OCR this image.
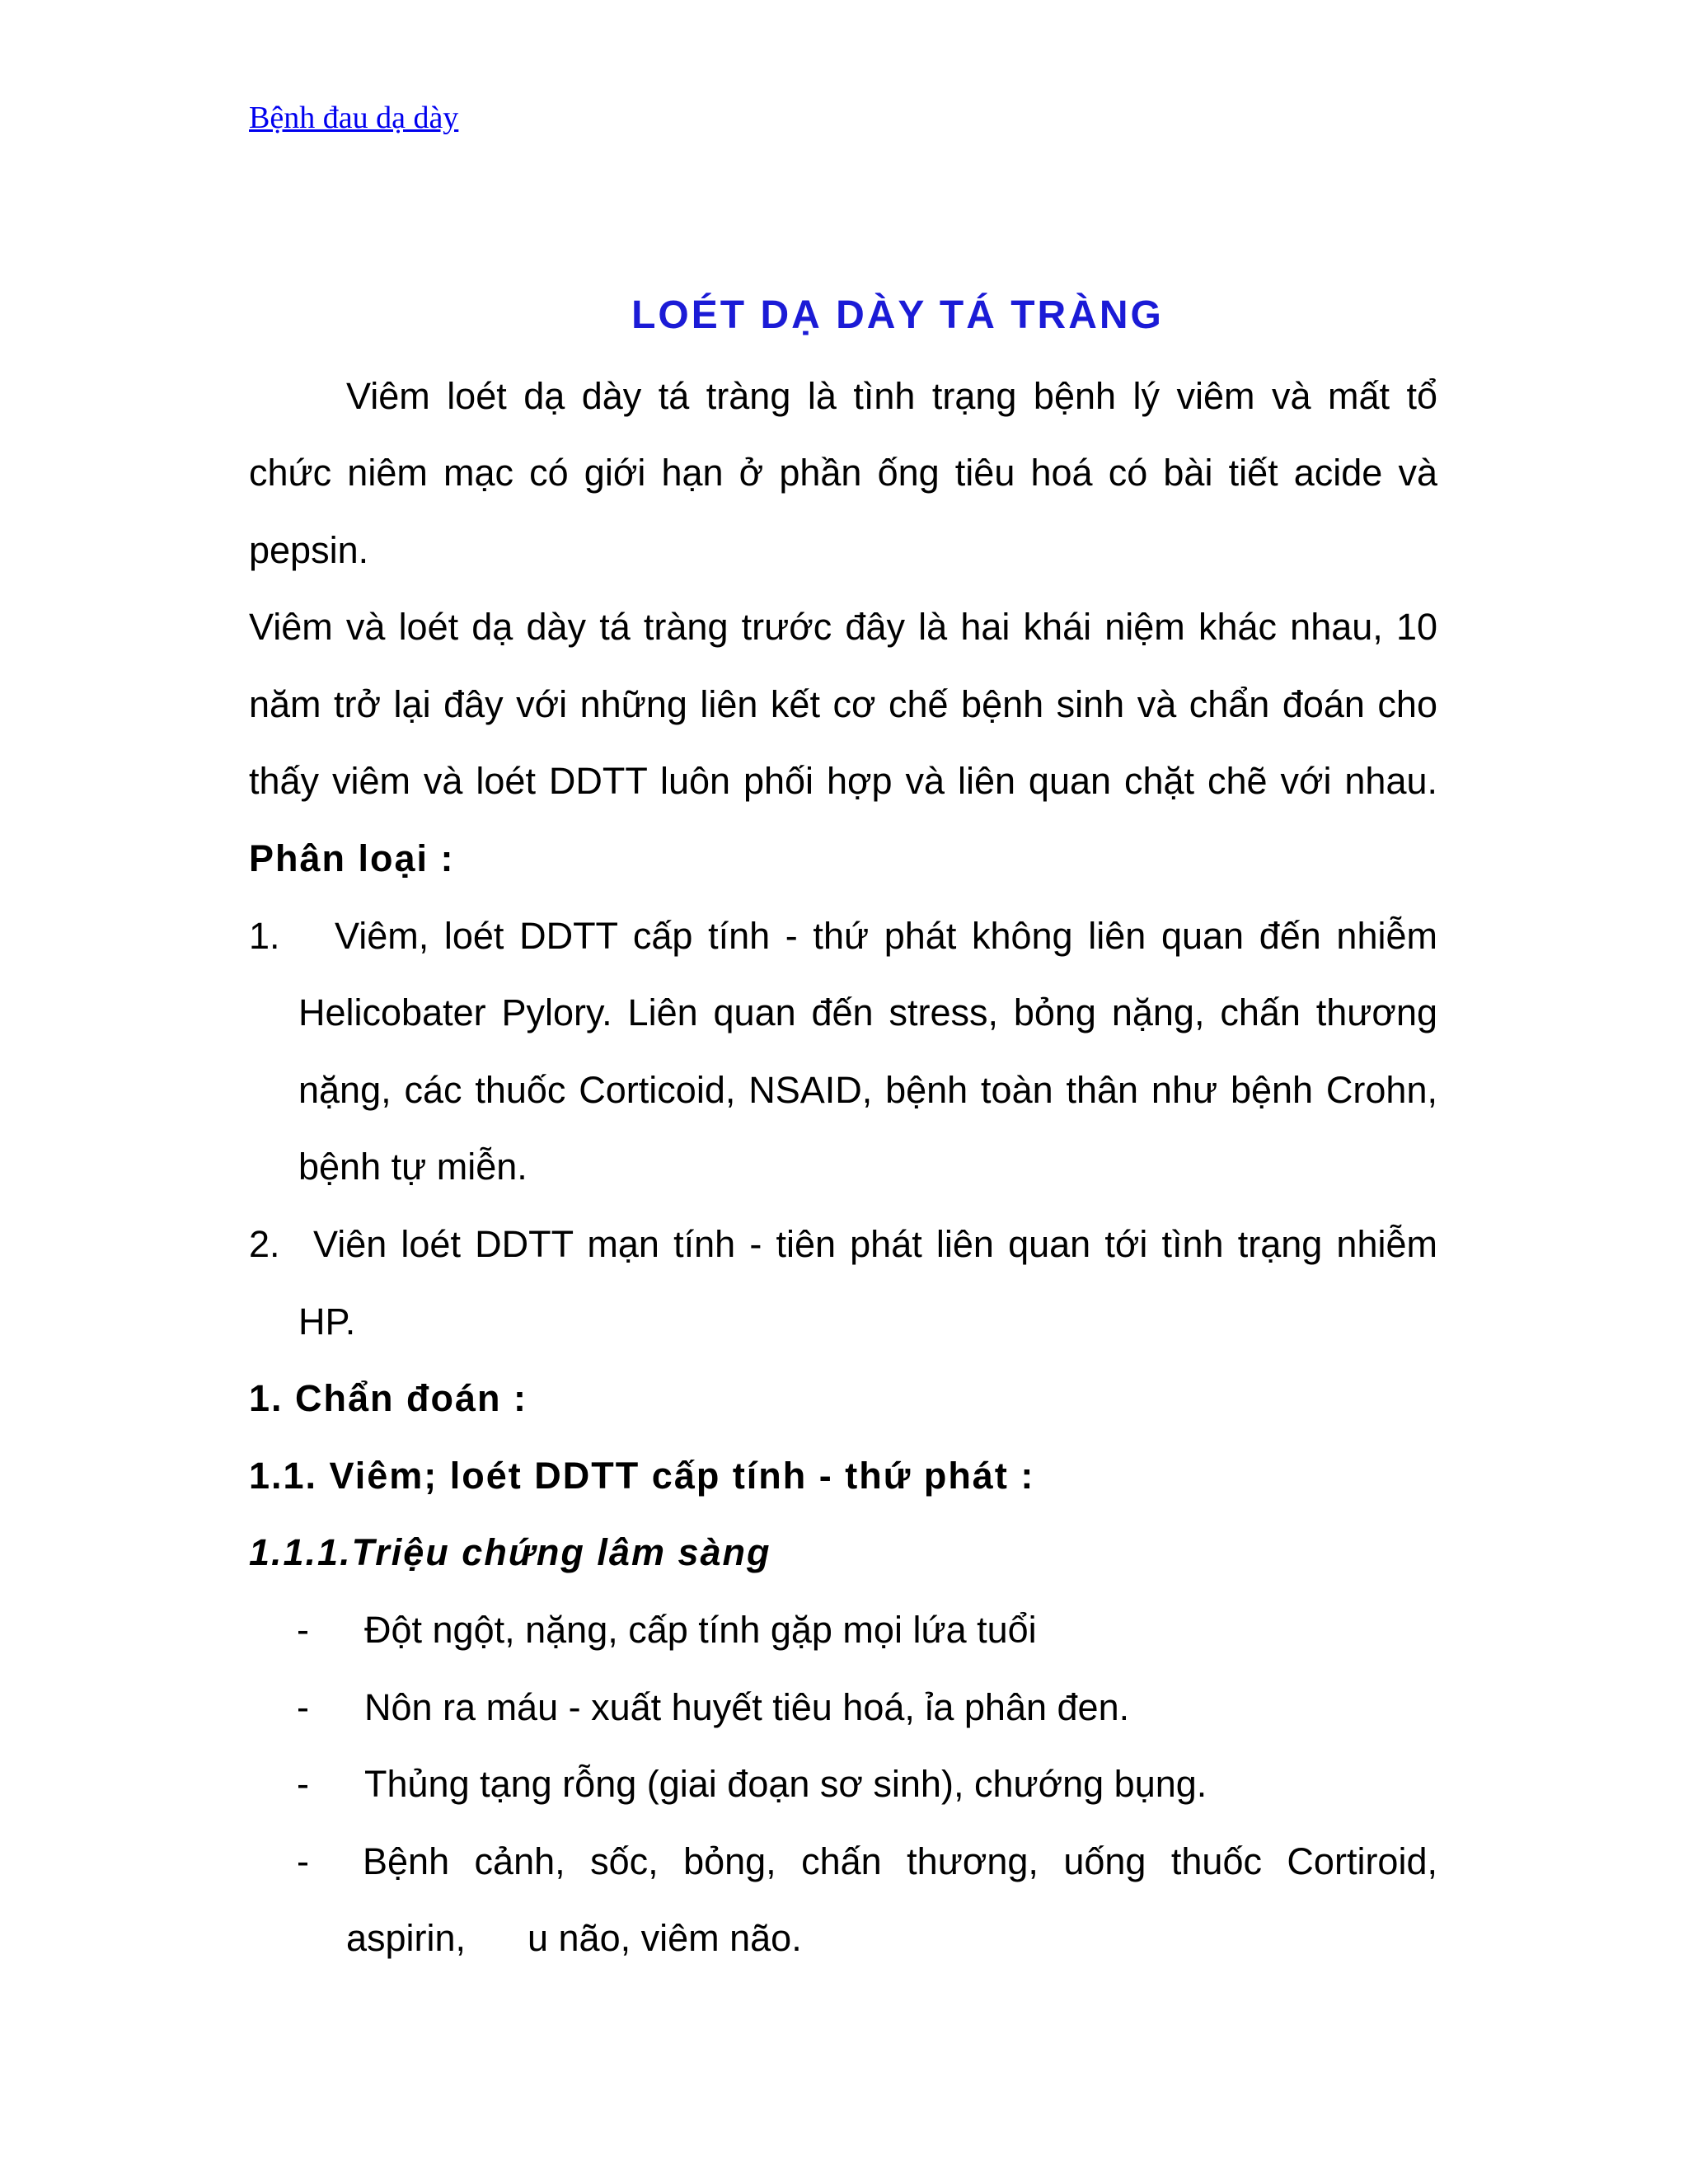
Bệnh đau dạ dày
LOÉT DẠ DÀY TÁ TRÀNG
Viêm loét dạ dày tá tràng là tình trạng bệnh lý viêm và mất tổ
chức niêm mạc có giới hạn ở phần ống tiêu hoá có bài tiết acide và
pepsin.
Viêm và loét dạ dày tá tràng trước đây là hai khái niệm khác nhau, 10
năm trở lại đây với những liên kết cơ chế bệnh sinh và chẩn đoán cho
thấy viêm và loét DDTT luôn phối hợp và liên quan chặt chẽ với nhau.
Phân loại :
1. Viêm, loét DDTT cấp tính - thứ phát không liên quan đến nhiễm
Helicobater Pylory. Liên quan đến stress, bỏng nặng, chấn thương
nặng, các thuốc Corticoid, NSAID, bệnh toàn thân như bệnh Crohn,
bệnh tự miễn.
2. Viên loét DDTT mạn tính - tiên phát liên quan tới tình trạng nhiễm
HP.
1. Chẩn đoán :
1.1. Viêm; loét DDTT cấp tính - thứ phát :
1.1.1.Triệu chứng lâm sàng
- Đột ngột, nặng, cấp tính gặp mọi lứa tuổi
- Nôn ra máu - xuất huyết tiêu hoá, ỉa phân đen.
- Thủng tạng rỗng (giai đoạn sơ sinh), chướng bụng.
- Bệnh cảnh, sốc, bỏng, chấn thương, uống thuốc Cortiroid,
aspirin, u não, viêm não.
